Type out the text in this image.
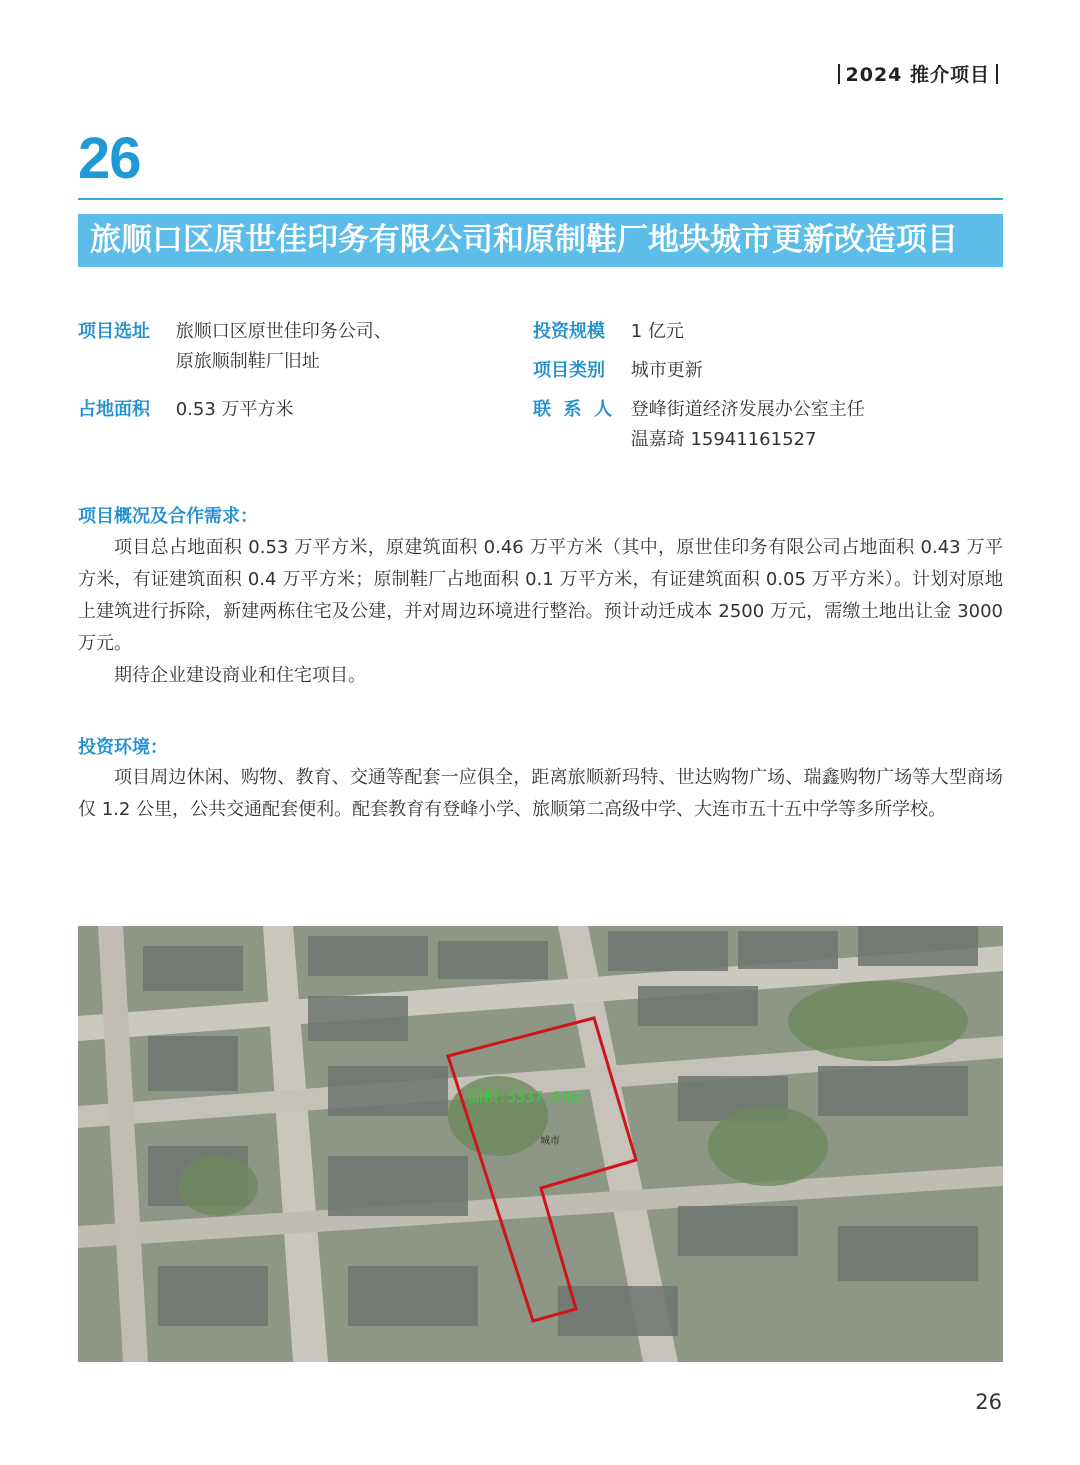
2024 推介项目
26
旅顺口区原世佳印务有限公司和原制鞋厂地块城市更新改造项目
项目选址 旅顺口区原世佳印务公司、
原旅顺制鞋厂旧址
占地面积 0.53 万平方米
投资规模 1 亿元
项目类别 城市更新
联  系  人 登峰街道经济发展办公室主任
温嘉琦 15941161527
项目概况及合作需求：

项目总占地面积 0.53 万平方米，原建筑面积 0.46 万平方米（其中，原世佳印务有限公司占地面积 0.43 万平方米，有证建筑面积 0.4 万平方米；原制鞋厂占地面积 0.1 万平方米，有证建筑面积 0.05 万平方米）。计划对原地上建筑进行拆除，新建两栋住宅及公建，并对周边环境进行整治。预计动迁成本 2500 万元，需缴土地出让金 3000 万元。

期待企业建设商业和住宅项目。

投资环境：

项目周边休闲、购物、教育、交通等配套一应俱全，距离旅顺新玛特、世达购物广场、瑞鑫购物广场等大型商场仅 1.2 公里，公共交通配套便利。配套教育有登峰小学、旅顺第二高级中学、大连市五十五中学等多所学校。

面积:5337.68㎡
城市
26
